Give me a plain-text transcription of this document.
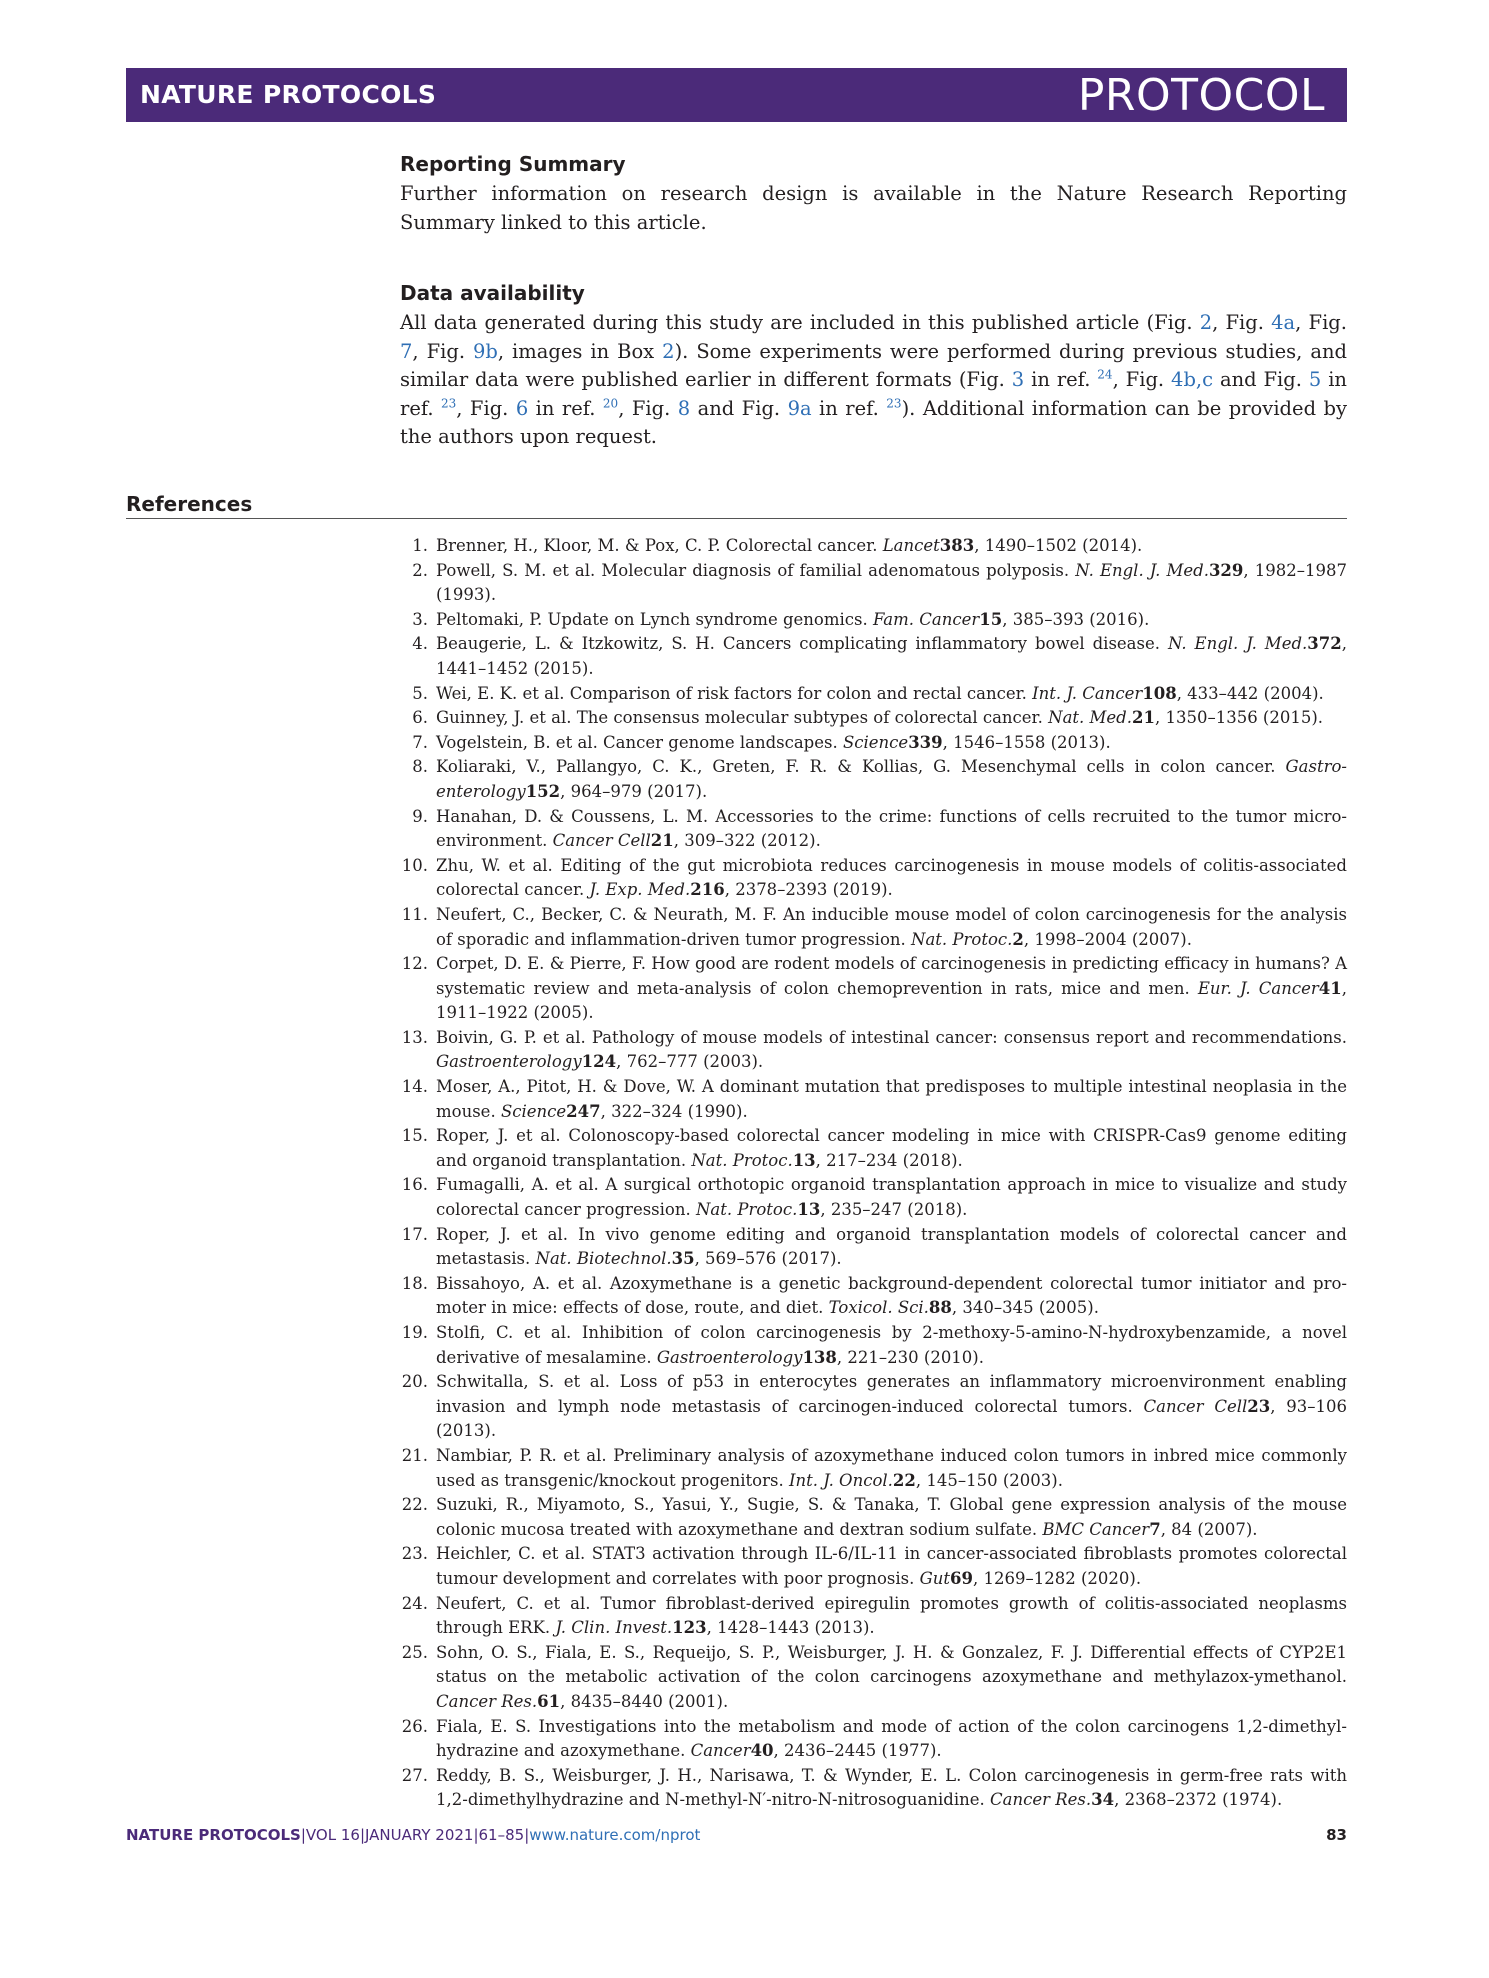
NATURE PROTOCOLS	PROTOCOL
Reporting Summary

Further information on research design is available in the Nature Research Reporting Summary linked to this article.

Data availability

All data generated during this study are included in this published article (Fig. 2, Fig. 4a, Fig. 7, Fig. 9b, images in Box 2). Some experiments were performed during previous studies, and similar data were published earlier in different formats (Fig. 3 in ref. $^{24}$, Fig. 4b,c and Fig. 5 in ref. $^{23}$, Fig. 6 in ref. $^{20}$, Fig. 8 and Fig. 9a in ref. $^{23}$). Additional information can be provided by the authors upon request.

References
1. Brenner, H., Kloor, M. & Pox, C. P. Colorectal cancer. Lancet383, 1490–1502 (2014).
2. Powell, S. M. et al. Molecular diagnosis of familial adenomatous polyposis. N. Engl. J. Med.329, 1982–1987 (1993).
3. Peltomaki, P. Update on Lynch syndrome genomics. Fam. Cancer15, 385–393 (2016).
4. Beaugerie, L. & Itzkowitz, S. H. Cancers complicating inflammatory bowel disease. N. Engl. J. Med.372, 1441–1452 (2015).
5. Wei, E. K. et al. Comparison of risk factors for colon and rectal cancer. Int. J. Cancer108, 433–442 (2004).
6. Guinney, J. et al. The consensus molecular subtypes of colorectal cancer. Nat. Med.21, 1350–1356 (2015).
7. Vogelstein, B. et al. Cancer genome landscapes. Science339, 1546–1558 (2013).
8. Koliaraki, V., Pallangyo, C. K., Greten, F. R. & Kollias, G. Mesenchymal cells in colon cancer. Gastro-enterology152, 964–979 (2017).
9. Hanahan, D. & Coussens, L. M. Accessories to the crime: functions of cells recruited to the tumor micro-environment. Cancer Cell21, 309–322 (2012).
10. Zhu, W. et al. Editing of the gut microbiota reduces carcinogenesis in mouse models of colitis-associated colorectal cancer. J. Exp. Med.216, 2378–2393 (2019).
11. Neufert, C., Becker, C. & Neurath, M. F. An inducible mouse model of colon carcinogenesis for the analysis of sporadic and inflammation-driven tumor progression. Nat. Protoc.2, 1998–2004 (2007).
12. Corpet, D. E. & Pierre, F. How good are rodent models of carcinogenesis in predicting efficacy in humans? A systematic review and meta-analysis of colon chemoprevention in rats, mice and men. Eur. J. Cancer41, 1911–1922 (2005).
13. Boivin, G. P. et al. Pathology of mouse models of intestinal cancer: consensus report and recommendations. Gastroenterology124, 762–777 (2003).
14. Moser, A., Pitot, H. & Dove, W. A dominant mutation that predisposes to multiple intestinal neoplasia in the mouse. Science247, 322–324 (1990).
15. Roper, J. et al. Colonoscopy-based colorectal cancer modeling in mice with CRISPR-Cas9 genome editing and organoid transplantation. Nat. Protoc.13, 217–234 (2018).
16. Fumagalli, A. et al. A surgical orthotopic organoid transplantation approach in mice to visualize and study colorectal cancer progression. Nat. Protoc.13, 235–247 (2018).
17. Roper, J. et al. In vivo genome editing and organoid transplantation models of colorectal cancer and metastasis. Nat. Biotechnol.35, 569–576 (2017).
18. Bissahoyo, A. et al. Azoxymethane is a genetic background-dependent colorectal tumor initiator and pro-moter in mice: effects of dose, route, and diet. Toxicol. Sci.88, 340–345 (2005).
19. Stolfi, C. et al. Inhibition of colon carcinogenesis by 2-methoxy-5-amino-N-hydroxybenzamide, a novel derivative of mesalamine. Gastroenterology138, 221–230 (2010).
20. Schwitalla, S. et al. Loss of p53 in enterocytes generates an inflammatory microenvironment enabling invasion and lymph node metastasis of carcinogen-induced colorectal tumors. Cancer Cell23, 93–106 (2013).
21. Nambiar, P. R. et al. Preliminary analysis of azoxymethane induced colon tumors in inbred mice commonly used as transgenic/knockout progenitors. Int. J. Oncol.22, 145–150 (2003).
22. Suzuki, R., Miyamoto, S., Yasui, Y., Sugie, S. & Tanaka, T. Global gene expression analysis of the mouse colonic mucosa treated with azoxymethane and dextran sodium sulfate. BMC Cancer7, 84 (2007).
23. Heichler, C. et al. STAT3 activation through IL-6/IL-11 in cancer-associated fibroblasts promotes colorectal tumour development and correlates with poor prognosis. Gut69, 1269–1282 (2020).
24. Neufert, C. et al. Tumor fibroblast-derived epiregulin promotes growth of colitis-associated neoplasms through ERK. J. Clin. Invest.123, 1428–1443 (2013).
25. Sohn, O. S., Fiala, E. S., Requeijo, S. P., Weisburger, J. H. & Gonzalez, F. J. Differential effects of CYP2E1 status on the metabolic activation of the colon carcinogens azoxymethane and methylazox-ymethanol. Cancer Res.61, 8435–8440 (2001).
26. Fiala, E. S. Investigations into the metabolism and mode of action of the colon carcinogens 1,2-dimethyl-hydrazine and azoxymethane. Cancer40, 2436–2445 (1977).
27. Reddy, B. S., Weisburger, J. H., Narisawa, T. & Wynder, E. L. Colon carcinogenesis in germ-free rats with 1,2-dimethylhydrazine and N-methyl-N′-nitro-N-nitrosoguanidine. Cancer Res.34, 2368–2372 (1974).
NATURE PROTOCOLS|VOL 16|JANUARY 2021|61–85|www.nature.com/nprot	83
